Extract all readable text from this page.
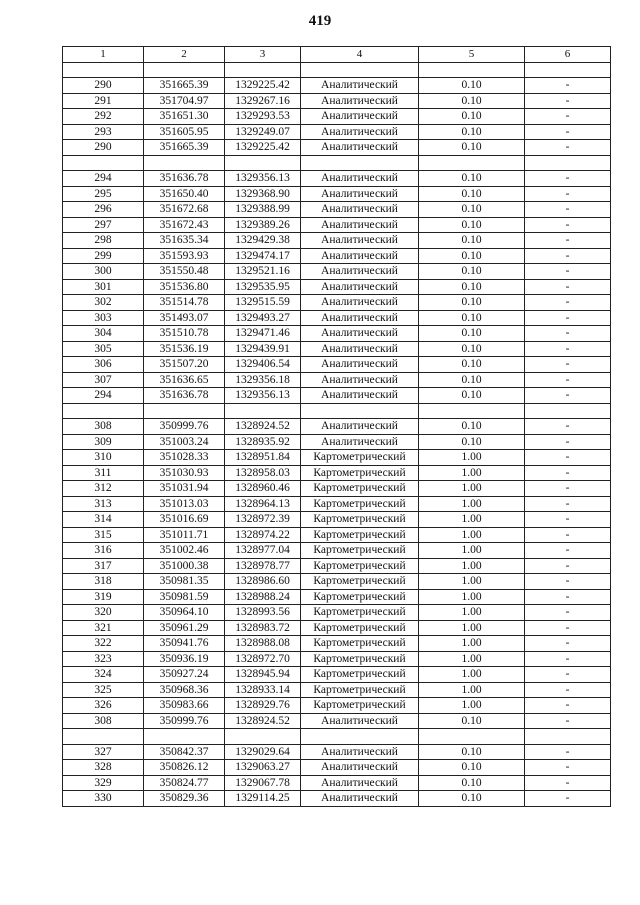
419
1	2	3	4	5	6

290	351665.39	1329225.42	Аналитический	0.10	-
291	351704.97	1329267.16	Аналитический	0.10	-
292	351651.30	1329293.53	Аналитический	0.10	-
293	351605.95	1329249.07	Аналитический	0.10	-
290	351665.39	1329225.42	Аналитический	0.10	-

294	351636.78	1329356.13	Аналитический	0.10	-
295	351650.40	1329368.90	Аналитический	0.10	-
296	351672.68	1329388.99	Аналитический	0.10	-
297	351672.43	1329389.26	Аналитический	0.10	-
298	351635.34	1329429.38	Аналитический	0.10	-
299	351593.93	1329474.17	Аналитический	0.10	-
300	351550.48	1329521.16	Аналитический	0.10	-
301	351536.80	1329535.95	Аналитический	0.10	-
302	351514.78	1329515.59	Аналитический	0.10	-
303	351493.07	1329493.27	Аналитический	0.10	-
304	351510.78	1329471.46	Аналитический	0.10	-
305	351536.19	1329439.91	Аналитический	0.10	-
306	351507.20	1329406.54	Аналитический	0.10	-
307	351636.65	1329356.18	Аналитический	0.10	-
294	351636.78	1329356.13	Аналитический	0.10	-

308	350999.76	1328924.52	Аналитический	0.10	-
309	351003.24	1328935.92	Аналитический	0.10	-
310	351028.33	1328951.84	Картометрический	1.00	-
311	351030.93	1328958.03	Картометрический	1.00	-
312	351031.94	1328960.46	Картометрический	1.00	-
313	351013.03	1328964.13	Картометрический	1.00	-
314	351016.69	1328972.39	Картометрический	1.00	-
315	351011.71	1328974.22	Картометрический	1.00	-
316	351002.46	1328977.04	Картометрический	1.00	-
317	351000.38	1328978.77	Картометрический	1.00	-
318	350981.35	1328986.60	Картометрический	1.00	-
319	350981.59	1328988.24	Картометрический	1.00	-
320	350964.10	1328993.56	Картометрический	1.00	-
321	350961.29	1328983.72	Картометрический	1.00	-
322	350941.76	1328988.08	Картометрический	1.00	-
323	350936.19	1328972.70	Картометрический	1.00	-
324	350927.24	1328945.94	Картометрический	1.00	-
325	350968.36	1328933.14	Картометрический	1.00	-
326	350983.66	1328929.76	Картометрический	1.00	-
308	350999.76	1328924.52	Аналитический	0.10	-

327	350842.37	1329029.64	Аналитический	0.10	-
328	350826.12	1329063.27	Аналитический	0.10	-
329	350824.77	1329067.78	Аналитический	0.10	-
330	350829.36	1329114.25	Аналитический	0.10	-
